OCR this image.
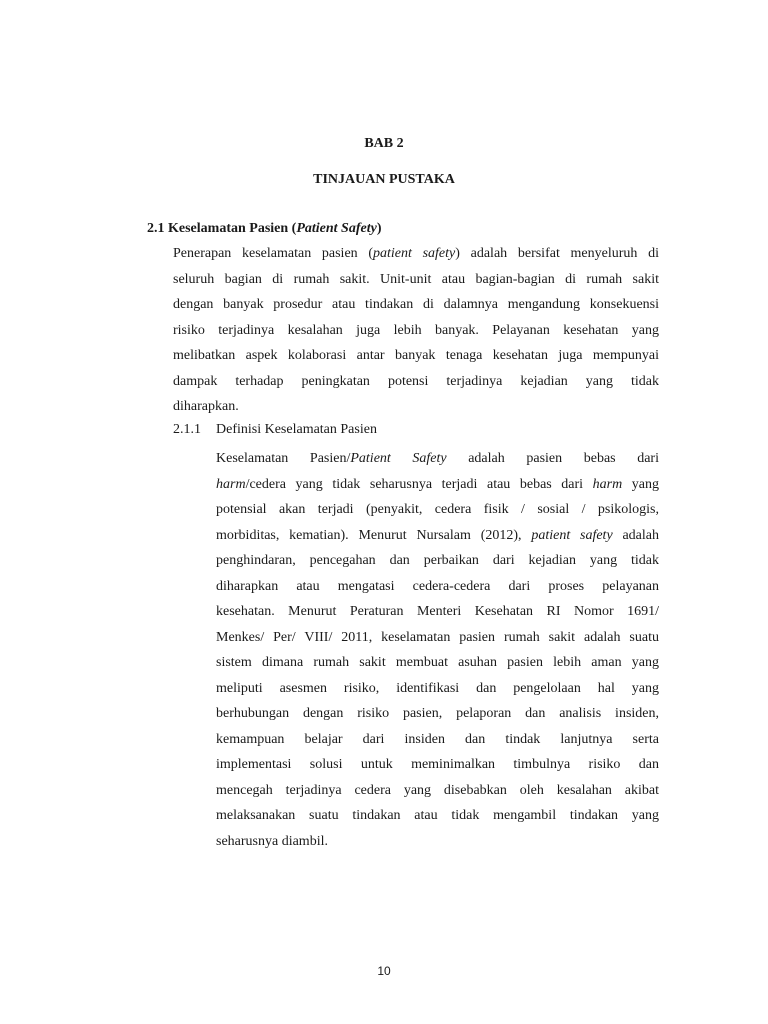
BAB 2
TINJAUAN PUSTAKA
2.1 Keselamatan Pasien (Patient Safety)
Penerapan keselamatan pasien (patient safety) adalah bersifat menyeluruh di
seluruh bagian di rumah sakit. Unit-unit atau bagian-bagian di rumah sakit
dengan banyak prosedur atau tindakan di dalamnya mengandung konsekuensi
risiko terjadinya kesalahan juga lebih banyak. Pelayanan kesehatan yang
melibatkan aspek kolaborasi antar banyak tenaga kesehatan juga mempunyai
dampak terhadap peningkatan potensi terjadinya kejadian yang tidak
diharapkan.
2.1.1 Definisi Keselamatan Pasien
Keselamatan Pasien/Patient Safety adalah pasien bebas dari
harm/cedera yang tidak seharusnya terjadi atau bebas dari harm yang
potensial akan terjadi (penyakit, cedera fisik / sosial / psikologis,
morbiditas, kematian). Menurut Nursalam (2012), patient safety adalah
penghindaran, pencegahan dan perbaikan dari kejadian yang tidak
diharapkan atau mengatasi cedera-cedera dari proses pelayanan
kesehatan. Menurut Peraturan Menteri Kesehatan RI Nomor 1691/
Menkes/ Per/ VIII/ 2011, keselamatan pasien rumah sakit adalah suatu
sistem dimana rumah sakit membuat asuhan pasien lebih aman yang
meliputi asesmen risiko, identifikasi dan pengelolaan hal yang
berhubungan dengan risiko pasien, pelaporan dan analisis insiden,
kemampuan belajar dari insiden dan tindak lanjutnya serta
implementasi solusi untuk meminimalkan timbulnya risiko dan
mencegah terjadinya cedera yang disebabkan oleh kesalahan akibat
melaksanakan suatu tindakan atau tidak mengambil tindakan yang
seharusnya diambil.
10
